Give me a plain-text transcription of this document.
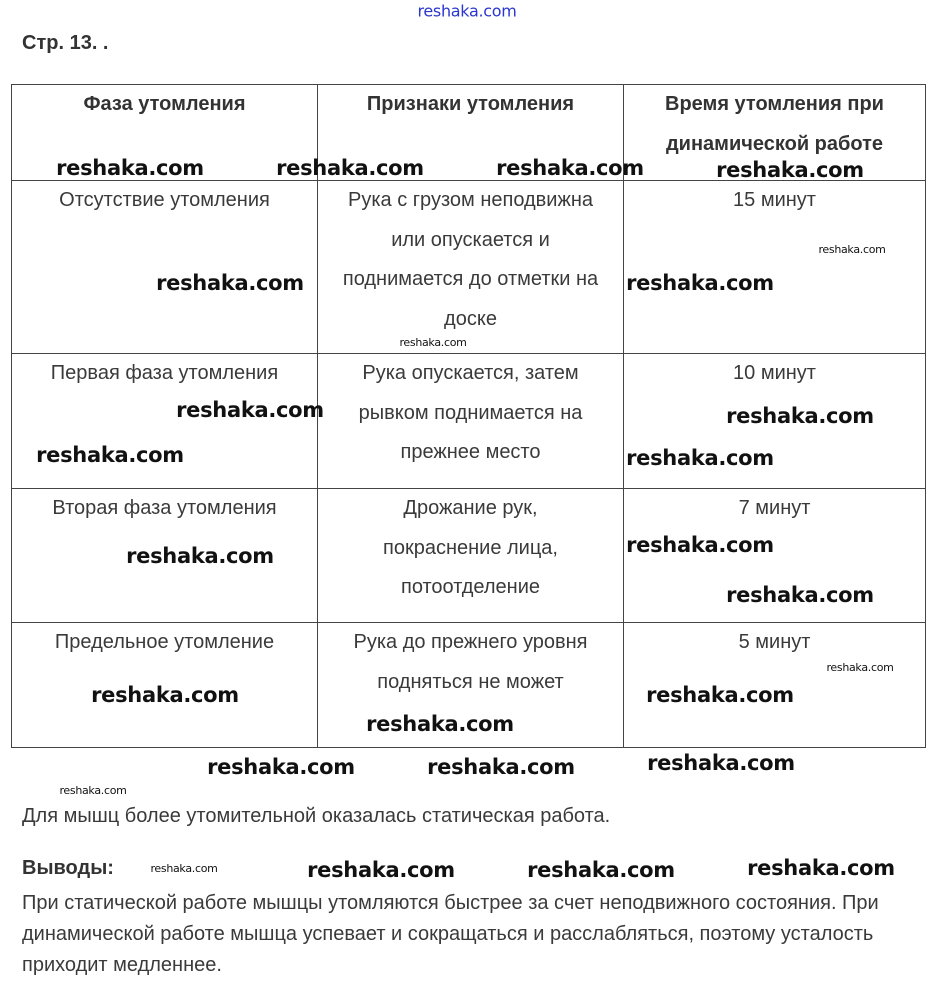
Стр. 13. .
Фаза утомления	Признаки утомления	Время утомления при динамической работе
Отсутствие утомления	Рука с грузом неподвижна или опускается и поднимается до отметки на доске	15 минут
Первая фаза утомления	Рука опускается, затем рывком поднимается на прежнее место	10 минут
Вторая фаза утомления	Дрожание рук, покраснение лица, потоотделение	7 минут
Предельное утомление	Рука до прежнего уровня подняться не может	5 минут
Для мышц более утомительной оказалась статическая работа.
Выводы:
При статической работе мышцы утомляются быстрее за счет неподвижного состояния. При динамической работе мышца успевает и сокращаться и расслабляться, поэтому усталость приходит медленнее.
reshaka.com
reshaka.com	reshaka.com	reshaka.com	reshaka.com
reshaka.com	reshaka.com
reshaka.com
reshaka.com
reshaka.com
reshaka.com
reshaka.com
reshaka.com
reshaka.com
reshaka.com
reshaka.com
reshaka.com
reshaka.com
reshaka.com
reshaka.com
reshaka.com	reshaka.com	reshaka.com
reshaka.com
reshaka.com	reshaka.com	reshaka.com	reshaka.com
